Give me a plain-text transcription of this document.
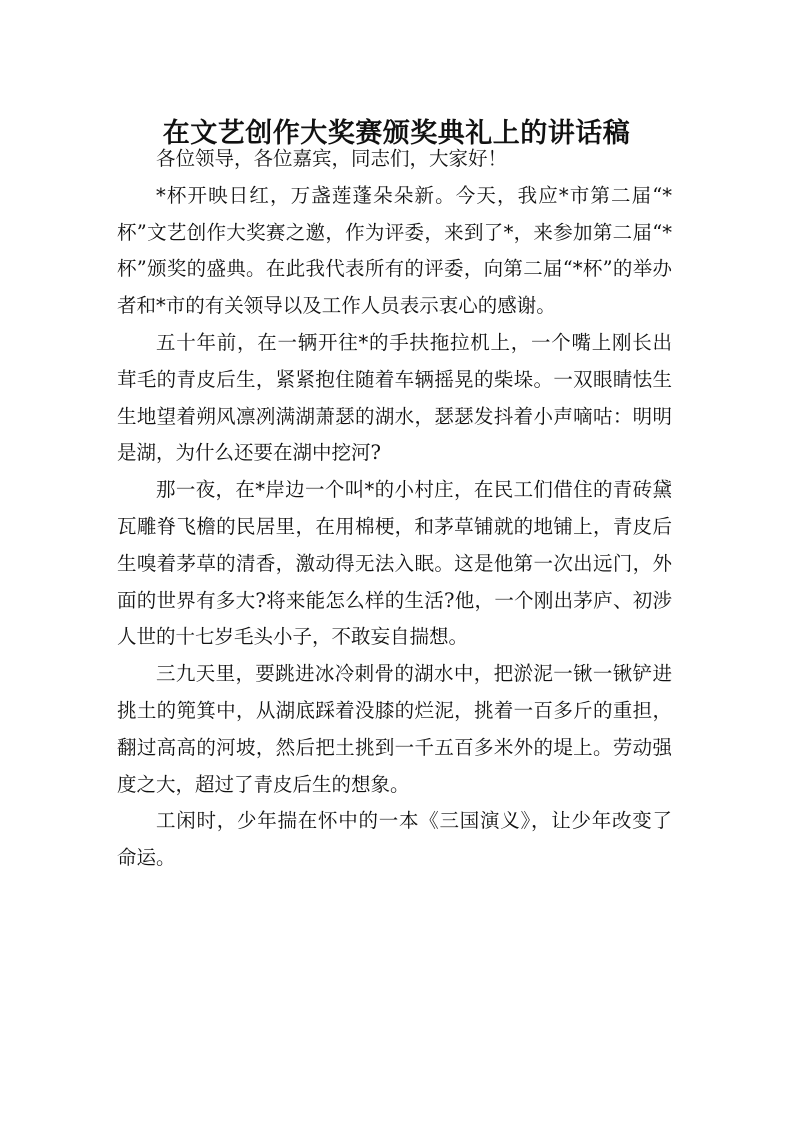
在文艺创作大奖赛颁奖典礼上的讲话稿

各位领导，各位嘉宾，同志们，大家好！

*杯开映日红，万盏莲蓬朵朵新。今天，我应*市第二届“*杯”文艺创作大奖赛之邀，作为评委，来到了*，来参加第二届“*杯”颁奖的盛典。在此我代表所有的评委，向第二届“*杯”的举办者和*市的有关领导以及工作人员表示衷心的感谢。

五十年前，在一辆开往*的手扶拖拉机上，一个嘴上刚长出茸毛的青皮后生，紧紧抱住随着车辆摇晃的柴垛。一双眼睛怯生生地望着朔风凛冽满湖萧瑟的湖水，瑟瑟发抖着小声嘀咕：明明是湖，为什么还要在湖中挖河?

那一夜，在*岸边一个叫*的小村庄，在民工们借住的青砖黛瓦雕脊飞檐的民居里，在用棉梗，和茅草铺就的地铺上，青皮后生嗅着茅草的清香，激动得无法入眠。这是他第一次出远门，外面的世界有多大?将来能怎么样的生活?他，一个刚出茅庐、初涉人世的十七岁毛头小子，不敢妄自揣想。

三九天里，要跳进冰冷刺骨的湖水中，把淤泥一锹一锹铲进挑土的篼箕中，从湖底踩着没膝的烂泥，挑着一百多斤的重担，翻过高高的河坡，然后把土挑到一千五百多米外的堤上。劳动强度之大，超过了青皮后生的想象。

工闲时，少年揣在怀中的一本《三国演义》，让少年改变了命运。
